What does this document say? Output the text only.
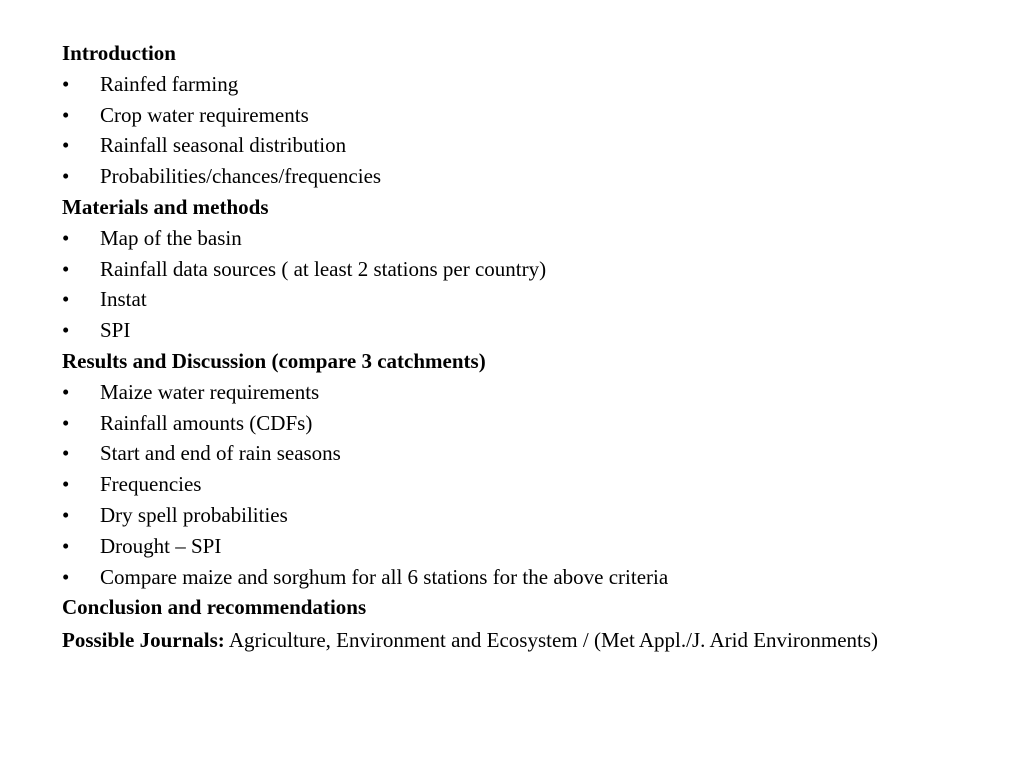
Introduction
• Rainfed farming
• Crop water requirements
• Rainfall seasonal distribution
• Probabilities/chances/frequencies
Materials and methods
• Map of the basin
• Rainfall data sources ( at least 2 stations per country)
• Instat
• SPI
Results and Discussion (compare 3 catchments)
• Maize water requirements
• Rainfall amounts (CDFs)
• Start and end of rain seasons
• Frequencies
• Dry spell probabilities
• Drought – SPI
• Compare maize and sorghum for all 6 stations for the above criteria
Conclusion and recommendations
Possible Journals: Agriculture, Environment and Ecosystem / (Met Appl./J. Arid Environments)
